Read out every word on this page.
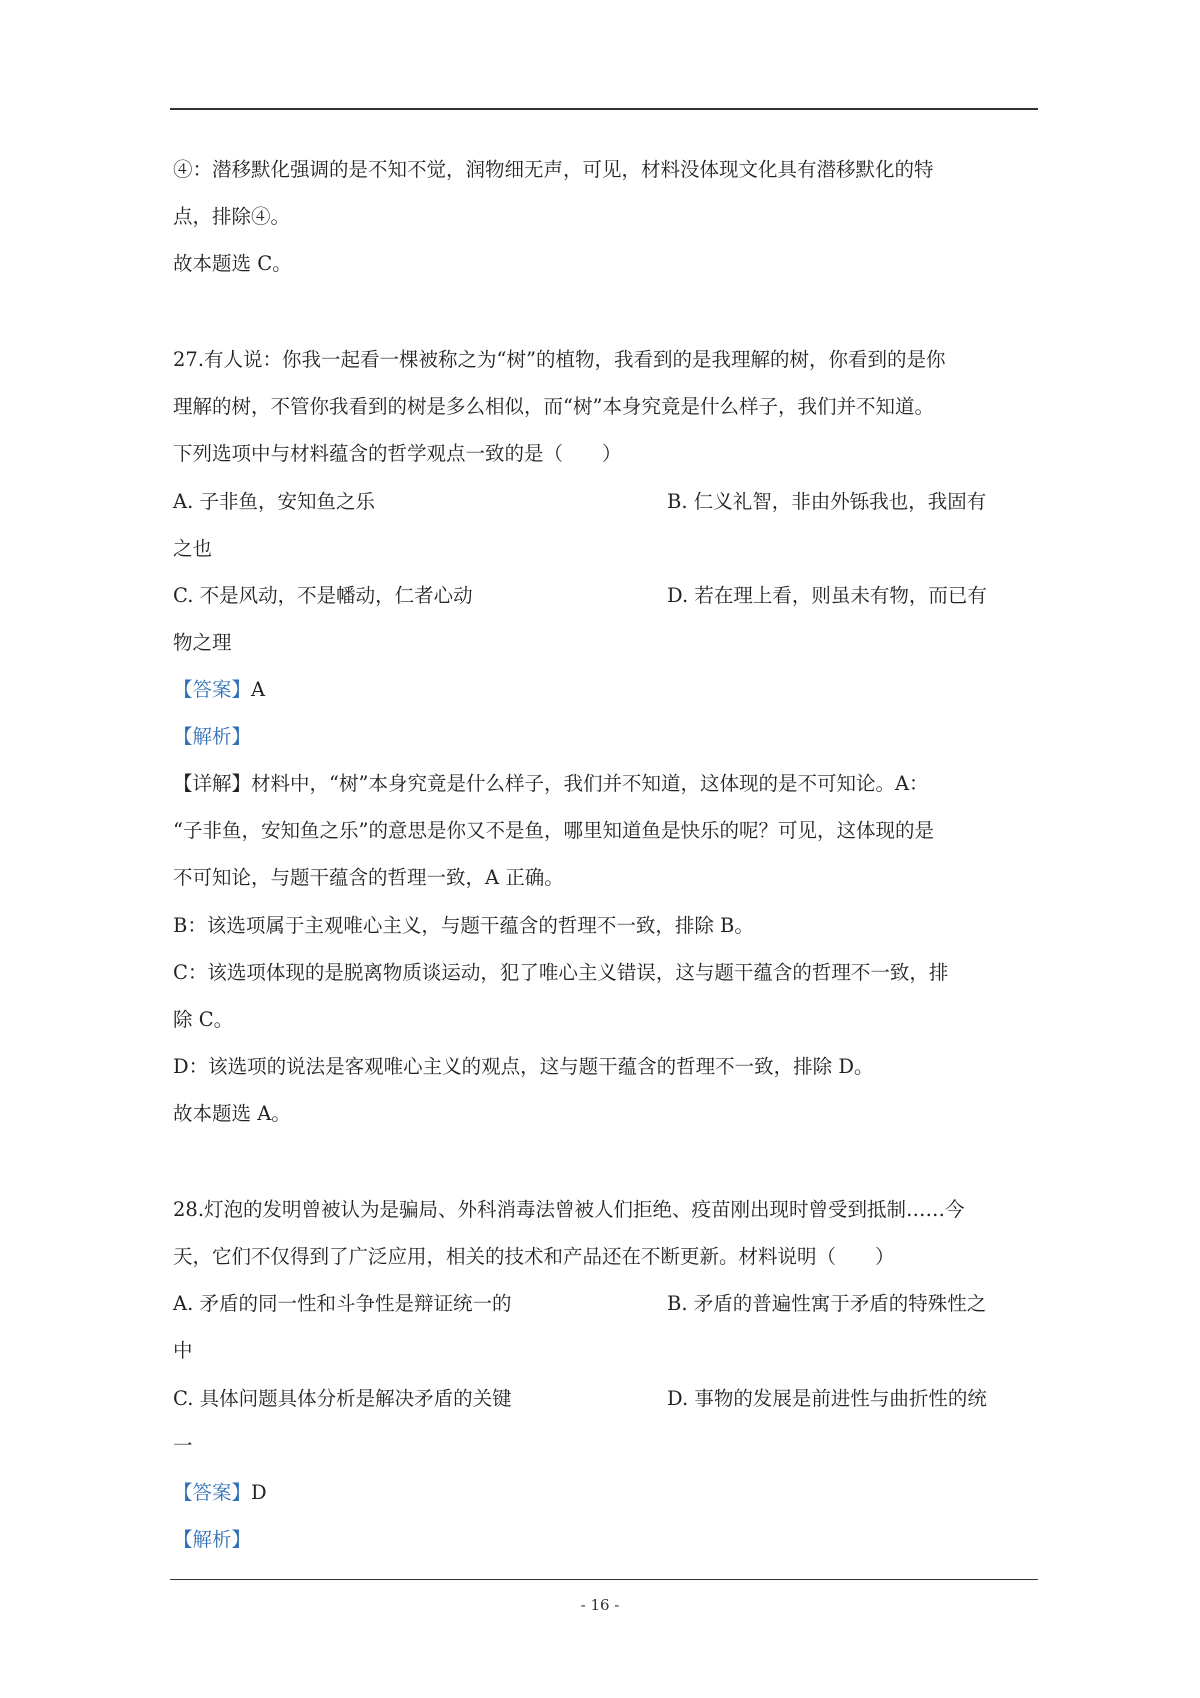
④：潜移默化强调的是不知不觉，润物细无声，可见，材料没体现文化具有潜移默化的特
点，排除④。
故本题选 C。
27.有人说：你我一起看一棵被称之为“树”的植物，我看到的是我理解的树，你看到的是你
理解的树，不管你我看到的树是多么相似，而“树”本身究竟是什么样子，我们并不知道。
下列选项中与材料蕴含的哲学观点一致的是（　　）
A. 子非鱼，安知鱼之乐	B. 仁义礼智，非由外铄我也，我固有
之也
C. 不是风动，不是幡动，仁者心动	D. 若在理上看，则虽未有物，而已有
物之理
【答案】A
【解析】
【详解】材料中，“树”本身究竟是什么样子，我们并不知道，这体现的是不可知论。A：
“子非鱼，安知鱼之乐”的意思是你又不是鱼，哪里知道鱼是快乐的呢？可见，这体现的是
不可知论，与题干蕴含的哲理一致，A 正确。
B：该选项属于主观唯心主义，与题干蕴含的哲理不一致，排除 B。
C：该选项体现的是脱离物质谈运动，犯了唯心主义错误，这与题干蕴含的哲理不一致，排
除 C。
D：该选项的说法是客观唯心主义的观点，这与题干蕴含的哲理不一致，排除 D。
故本题选 A。
28.灯泡的发明曾被认为是骗局、外科消毒法曾被人们拒绝、疫苗刚出现时曾受到抵制……今
天，它们不仅得到了广泛应用，相关的技术和产品还在不断更新。材料说明（　　）
A. 矛盾的同一性和斗争性是辩证统一的	B. 矛盾的普遍性寓于矛盾的特殊性之
中
C. 具体问题具体分析是解决矛盾的关键	D. 事物的发展是前进性与曲折性的统
一
【答案】D
【解析】
- 16 -
